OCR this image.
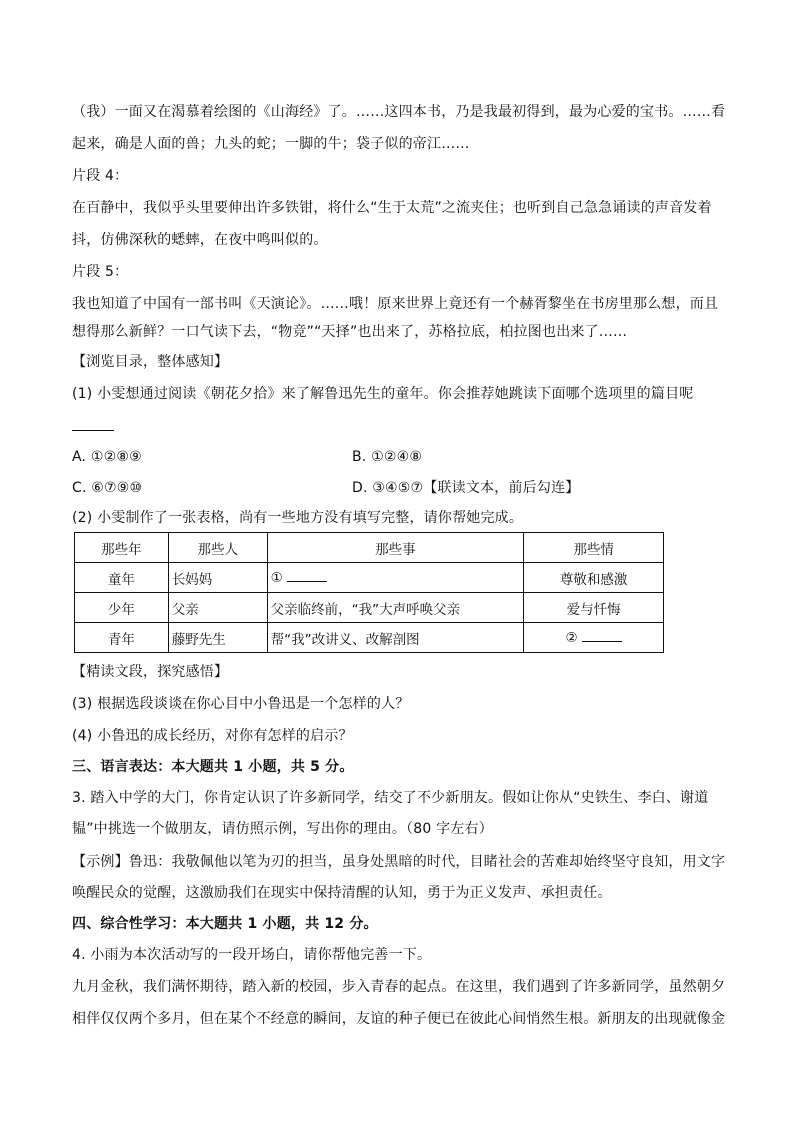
（我）一面又在渴慕着绘图的《山海经》了。……这四本书，乃是我最初得到，最为心爱的宝书。……看
起来，确是人面的兽；九头的蛇；一脚的牛；袋子似的帝江……
片段 4：
在百静中，我似乎头里要伸出许多铁钳，将什么“生于太荒”之流夹住；也听到自己急急诵读的声音发着
抖，仿佛深秋的蟋蟀，在夜中鸣叫似的。
片段 5：
我也知道了中国有一部书叫《天演论》。……哦！原来世界上竟还有一个赫胥黎坐在书房里那么想，而且
想得那么新鲜？一口气读下去，“物竞”“天择”也出来了，苏格拉底，柏拉图也出来了……
【浏览目录，整体感知】
(1) 小雯想通过阅读《朝花夕拾》来了解鲁迅先生的童年。你会推荐她跳读下面哪个选项里的篇目呢
A. ①②⑧⑨	B. ①②④⑧
C. ⑥⑦⑨⑩	D. ③④⑤⑦【联读文本，前后勾连】
(2) 小雯制作了一张表格，尚有一些地方没有填写完整，请你帮她完成。
那些年	那些人	那些事	那些情
童年	长妈妈	①	尊敬和感激
少年	父亲	父亲临终前，“我”大声呼唤父亲	爱与忏悔
青年	藤野先生	帮“我”改讲义、改解剖图	②
【精读文段，探究感悟】
(3) 根据选段谈谈在你心目中小鲁迅是一个怎样的人？
(4) 小鲁迅的成长经历，对你有怎样的启示？
三、语言表达：本大题共 1 小题，共 5 分。
3. 踏入中学的大门，你肯定认识了许多新同学，结交了不少新朋友。假如让你从“史铁生、李白、谢道
韫”中挑选一个做朋友，请仿照示例，写出你的理由。（80 字左右）
【示例】鲁迅：我敬佩他以笔为刃的担当，虽身处黑暗的时代，目睹社会的苦难却始终坚守良知，用文字
唤醒民众的觉醒，这激励我们在现实中保持清醒的认知，勇于为正义发声、承担责任。
四、综合性学习：本大题共 1 小题，共 12 分。
4. 小雨为本次活动写的一段开场白，请你帮他完善一下。
九月金秋，我们满怀期待，踏入新的校园，步入青春的起点。在这里，我们遇到了许多新同学，虽然朝夕
相伴仅仅两个多月，但在某个不经意的瞬间，友谊的种子便已在彼此心间悄然生根。新朋友的出现就像金
